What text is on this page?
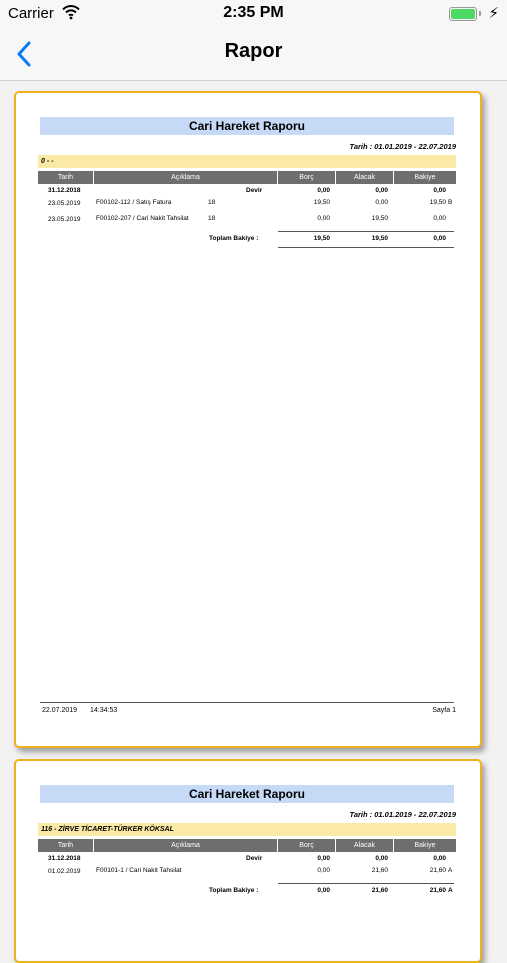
Carrier	2:35 PM	⚡︎
Rapor
Cari Hareket Raporu
Tarih : 01.01.2019 - 22.07.2019
0 - -
Tarih	Açıklama	Borç	Alacak	Bakiye
31.12.2018	Devir	0,00	0,00	0,00
23.05.2019 F00102-112 / Satış Fatura	18	19,50	0,00	19,50 B
23.05.2019 F00102-207 / Cari Nakit Tahsilat	18	0,00	19,50	0,00
Toplam Bakiye :	19,50	19,50	0,00
22.07.2019 14:34:53	Sayfa 1
Cari Hareket Raporu
Tarih : 01.01.2019 - 22.07.2019
116 - ZİRVE TİCARET-TÜRKER KÖKSAL
Tarih	Açıklama	Borç	Alacak	Bakiye
31.12.2018	Devir	0,00	0,00	0,00
01.02.2019 F00101-1 / Cari Nakit Tahsilat	0,00	21,60	21,60 A
Toplam Bakiye :	0,00	21,60	21,60 A
